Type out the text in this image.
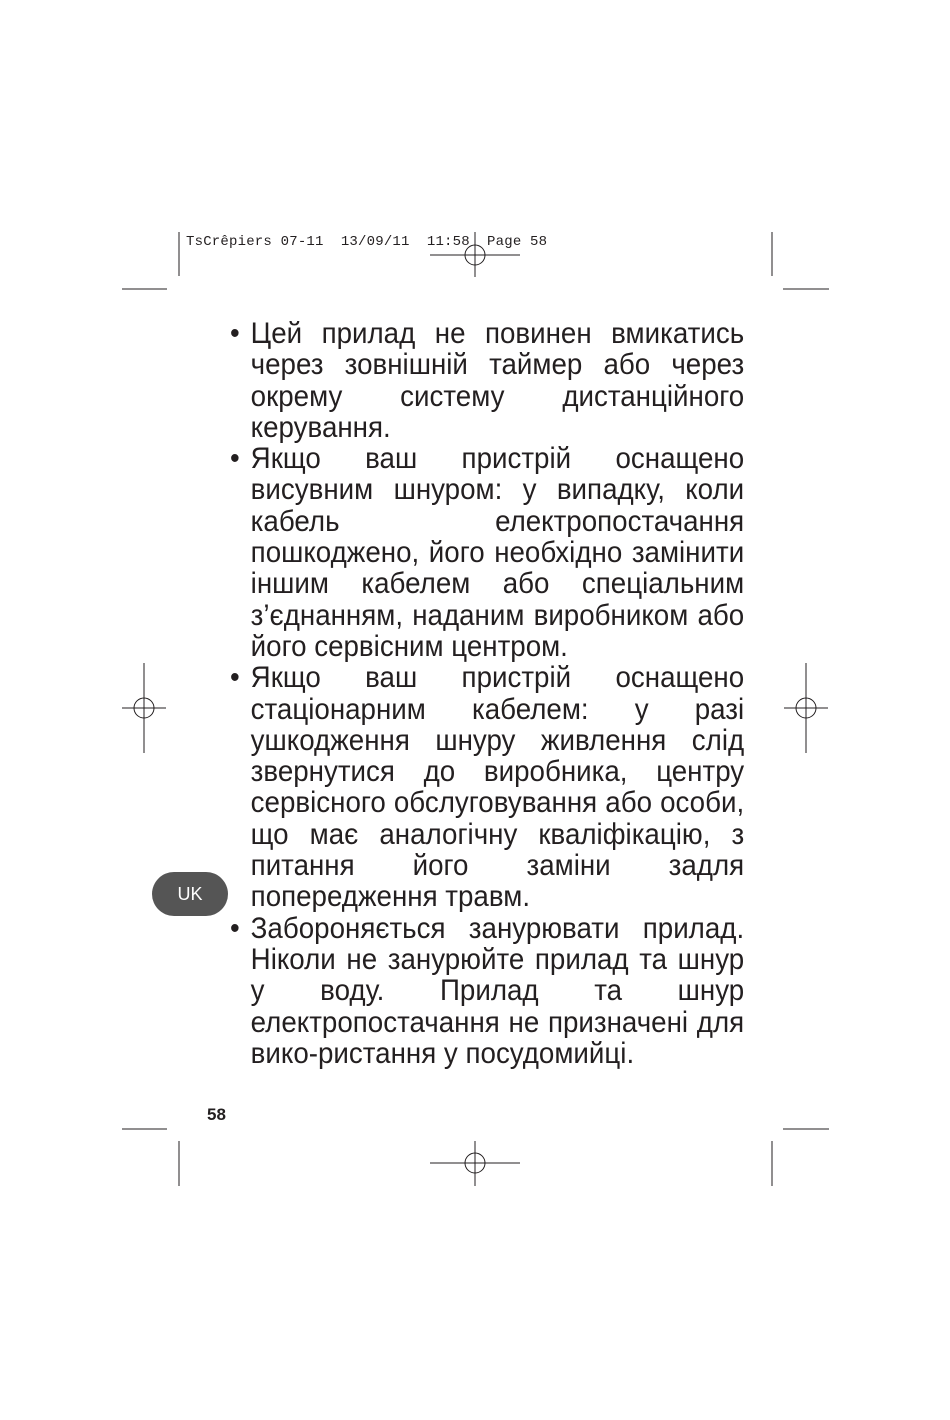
TsCrêpiers 07-11  13/09/11  11:58  Page 58

• Цей прилад не повинен вмикатись через зовнішній таймер або через окрему систему дистанційного керування.

• Якщо ваш пристрій оснащено висувним шнуром: у випадку, коли кабель електропостачання пошкоджено, його необхідно замінити іншим кабелем або спеціальним з’єднанням, наданим виробником або його сервісним центром.

• Якщо ваш пристрій оснащено стаціонарним кабелем: у разі ушкодження шнуру живлення слід звернутися до виробника, центру сервісного обслуговування або особи, що має аналогічну кваліфікацію, з питання його заміни задля попередження травм.

• Забороняється занурювати прилад. Ніколи не занурюйте прилад та шнур у воду. Прилад та шнур електропостачання не призначені для вико-ристання у посудомийці.

UK
58
